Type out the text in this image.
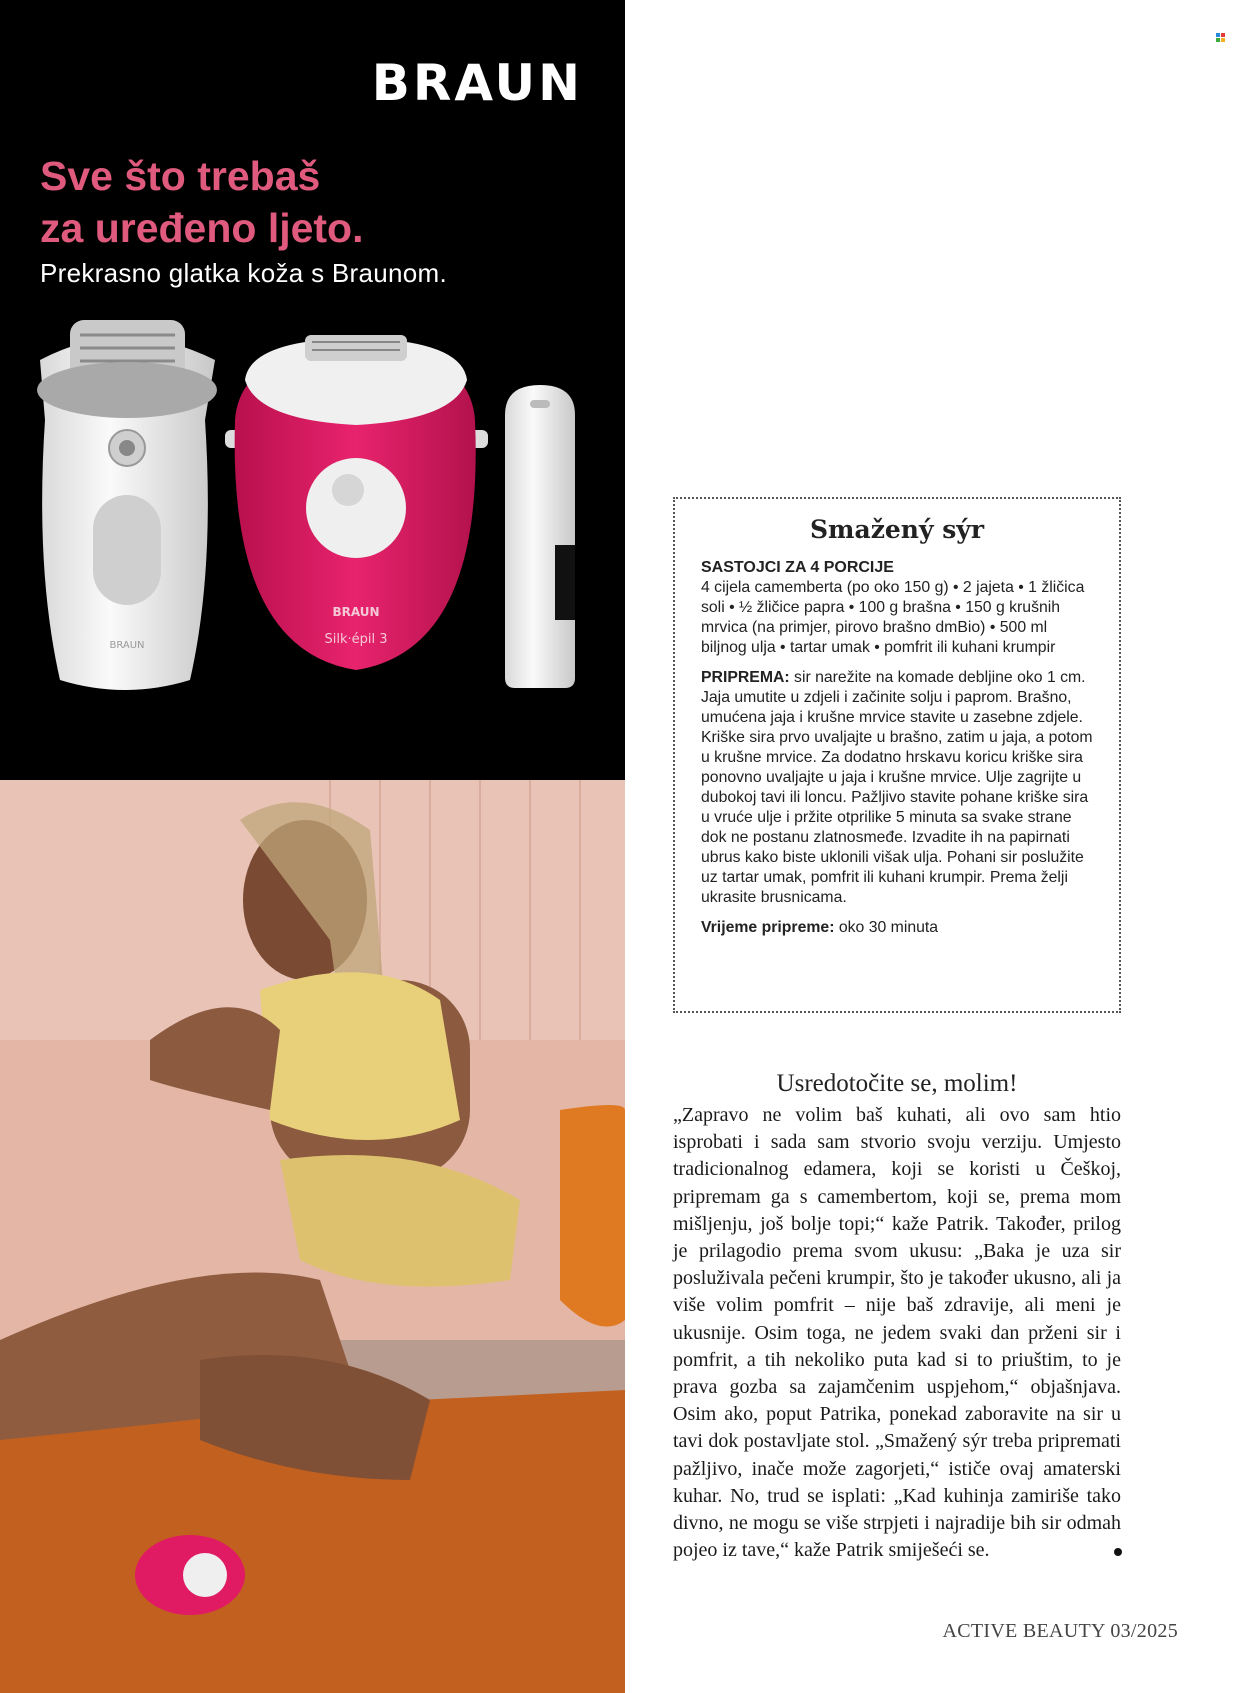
BRAUN
Sve što trebaš
za uređeno ljeto.
Prekrasno glatka koža s Braunom.
BRAUN
BRAUN
Silk·épil 3
Smažený sýr

SASTOJCI ZA 4 PORCIJE
4 cijela camemberta (po oko 150 g) • 2 jajeta • 1 žličica soli • ½ žličice papra • 100 g brašna • 150 g krušnih mrvica (na primjer, pirovo brašno dmBio) • 500 ml biljnog ulja • tartar umak • pomfrit ili kuhani krumpir

PRIPREMA: sir narežite na komade debljine oko 1 cm. Jaja umutite u zdjeli i začinite solju i paprom. Brašno, umućena jaja i krušne mrvice stavite u zasebne zdjele. Kriške sira prvo uvaljajte u brašno, zatim u jaja, a potom u krušne mrvice. Za dodatno hrskavu koricu kriške sira ponovno uvaljajte u jaja i krušne mrvice. Ulje zagrijte u dubokoj tavi ili loncu. Pažljivo stavite pohane kriške sira u vruće ulje i pržite otprilike 5 minuta sa svake strane dok ne postanu zlatnosmeđe. Izvadite ih na papirnati ubrus kako biste uklonili višak ulja. Pohani sir poslužite uz tartar umak, pomfrit ili kuhani krumpir. Prema želji ukrasite brusnicama.

Vrijeme pripreme: oko 30 minuta

Usredotočite se, molim!

„Zapravo ne volim baš kuhati, ali ovo sam htio isprobati i sada sam stvorio svoju verziju. Umjesto tradicionalnog edamera, koji se koristi u Češkoj, pripremam ga s camembertom, koji se, prema mom mišljenju, još bolje topi;“ kaže Patrik. Također, prilog je prilagodio prema svom ukusu: „Baka je uza sir posluživala pečeni krumpir, što je također ukusno, ali ja više volim pomfrit – nije baš zdravije, ali meni je ukusnije. Osim toga, ne jedem svaki dan prženi sir i pomfrit, a tih nekoliko puta kad si to priuštim, to je prava gozba sa zajamčenim uspjehom,“ objašnjava. Osim ako, poput Patrika, ponekad zaboravite na sir u tavi dok postavljate stol. „Smažený sýr treba pripremati pažljivo, inače može zagorjeti,“ ističe ovaj amaterski kuhar. No, trud se isplati: „Kad kuhinja zamiriše tako divno, ne mogu se više strpjeti i najradije bih sir odmah pojeo iz tave,“ kaže Patrik smiješeći se.

ACTIVE BEAUTY 03/2025
